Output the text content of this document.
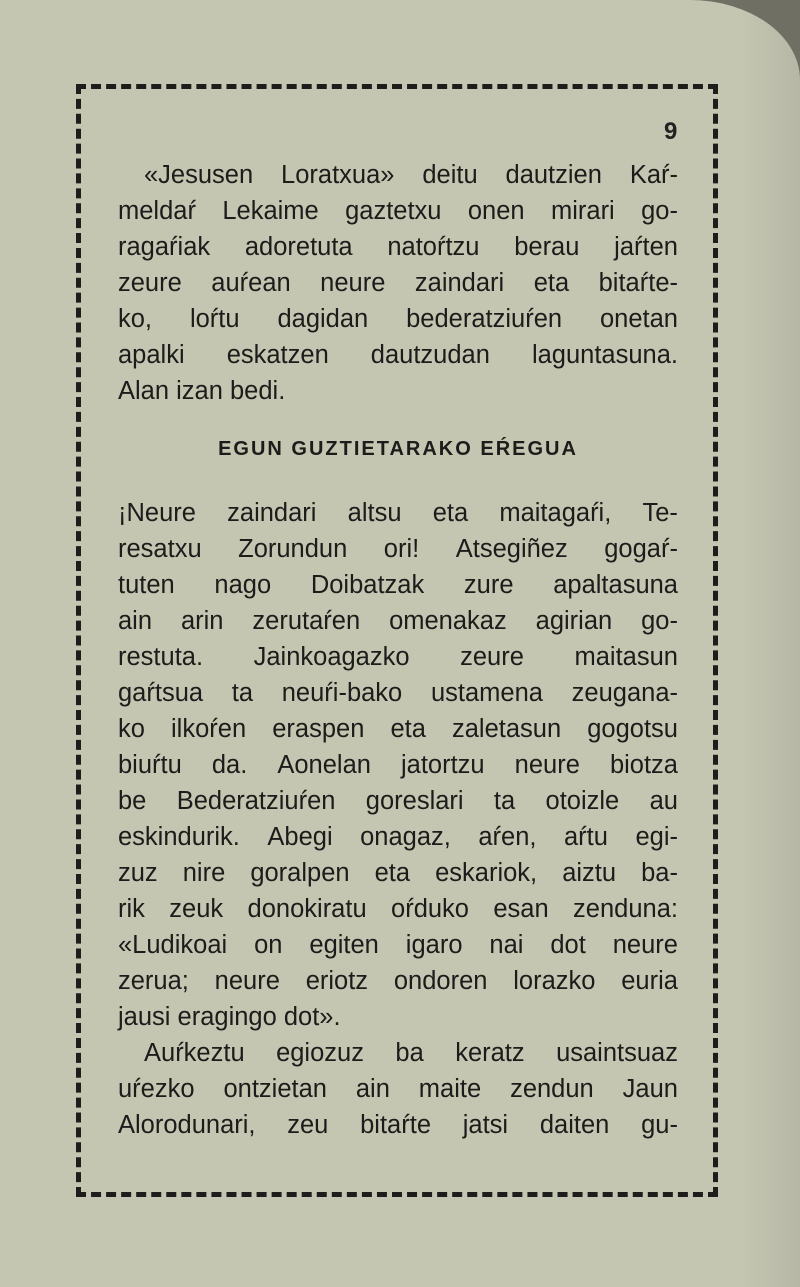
9
«Jesusen Loratxua» deitu dautzien Kaŕ-
meldaŕ Lekaime gaztetxu onen mirari go-
ragaŕiak adoretuta natoŕtzu berau jaŕten
zeure auŕean neure zaindari eta bitaŕte-
ko, loŕtu dagidan bederatziuŕen onetan
apalki eskatzen dautzudan laguntasuna.
Alan izan bedi.
EGUN GUZTIETARAKO EŔEGUA
¡Neure zaindari altsu eta maitagaŕi, Te-
resatxu Zorundun ori! Atsegiñez gogaŕ-
tuten nago Doibatzak zure apaltasuna
ain arin zerutaŕen omenakaz agirian go-
restuta. Jainkoagazko zeure maitasun
gaŕtsua ta neuŕi-bako ustamena zeugana-
ko ilkoŕen eraspen eta zaletasun gogotsu
biuŕtu da. Aonelan jatortzu neure biotza
be Bederatziuŕen goreslari ta otoizle au
eskindurik. Abegi onagaz, aŕen, aŕtu egi-
zuz nire goralpen eta eskariok, aiztu ba-
rik zeuk donokiratu oŕduko esan zenduna:
«Ludikoai on egiten igaro nai dot neure
zerua; neure eriotz ondoren lorazko euria
jausi eragingo dot».
Auŕkeztu egiozuz ba keratz usaintsuaz
uŕezko ontzietan ain maite zendun Jaun
Alorodunari, zeu bitaŕte jatsi daiten gu-
